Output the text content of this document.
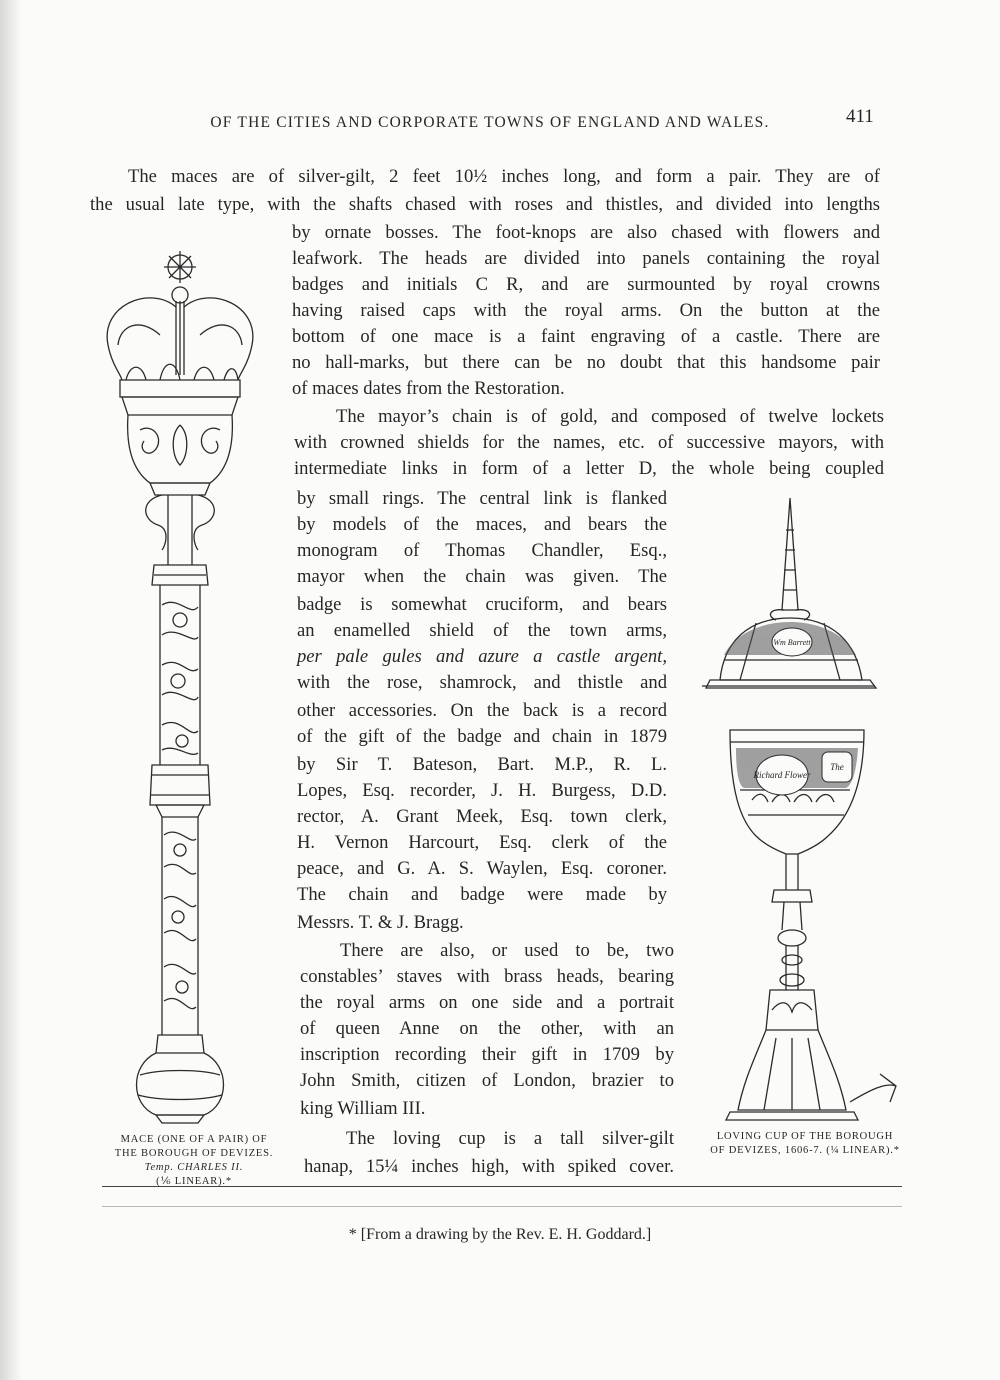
OF THE CITIES AND CORPORATE TOWNS OF ENGLAND AND WALES.	411
The maces are of silver-gilt, 2 feet 10½ inches long, and form a pair. They are of
the usual late type, with the shafts chased with roses and thistles, and divided into lengths
by ornate bosses. The foot-knops are also chased with flowers and
leafwork. The heads are divided into panels containing the royal
badges and initials C R, and are surmounted by royal crowns
having raised caps with the royal arms. On the button at the
bottom of one mace is a faint engraving of a castle. There are
no hall-marks, but there can be no doubt that this handsome pair
of maces dates from the Restoration.
The mayor’s chain is of gold, and composed of twelve lockets
with crowned shields for the names, etc. of successive mayors, with
intermediate links in form of a letter D, the whole being coupled
by small rings. The central link is flanked
by models of the maces, and bears the
monogram of Thomas Chandler, Esq.,
mayor when the chain was given. The
badge is somewhat cruciform, and bears
an enamelled shield of the town arms,
per pale gules and azure a castle argent,
with the rose, shamrock, and thistle and
other accessories. On the back is a record
of the gift of the badge and chain in 1879
by Sir T. Bateson, Bart. M.P., R. L.
Lopes, Esq. recorder, J. H. Burgess, D.D.
rector, A. Grant Meek, Esq. town clerk,
H. Vernon Harcourt, Esq. clerk of the
peace, and G. A. S. Waylen, Esq. coroner.
The chain and badge were made by
Messrs. T. & J. Bragg.
There are also, or used to be, two
constables’ staves with brass heads, bearing
the royal arms on one side and a portrait
of queen Anne on the other, with an
inscription recording their gift in 1709 by
John Smith, citizen of London, brazier to
king William III.
The loving cup is a tall silver-gilt
hanap, 15¼ inches high, with spiked cover.
MACE (ONE OF A PAIR) OF
THE BOROUGH OF DEVIZES.
Temp. CHARLES II.
(⅙ LINEAR).*
Wm Barrett
Richard Flower
The
LOVING CUP OF THE BOROUGH
OF DEVIZES, 1606-7. (¼ LINEAR).*
* [From a drawing by the Rev. E. H. Goddard.]
